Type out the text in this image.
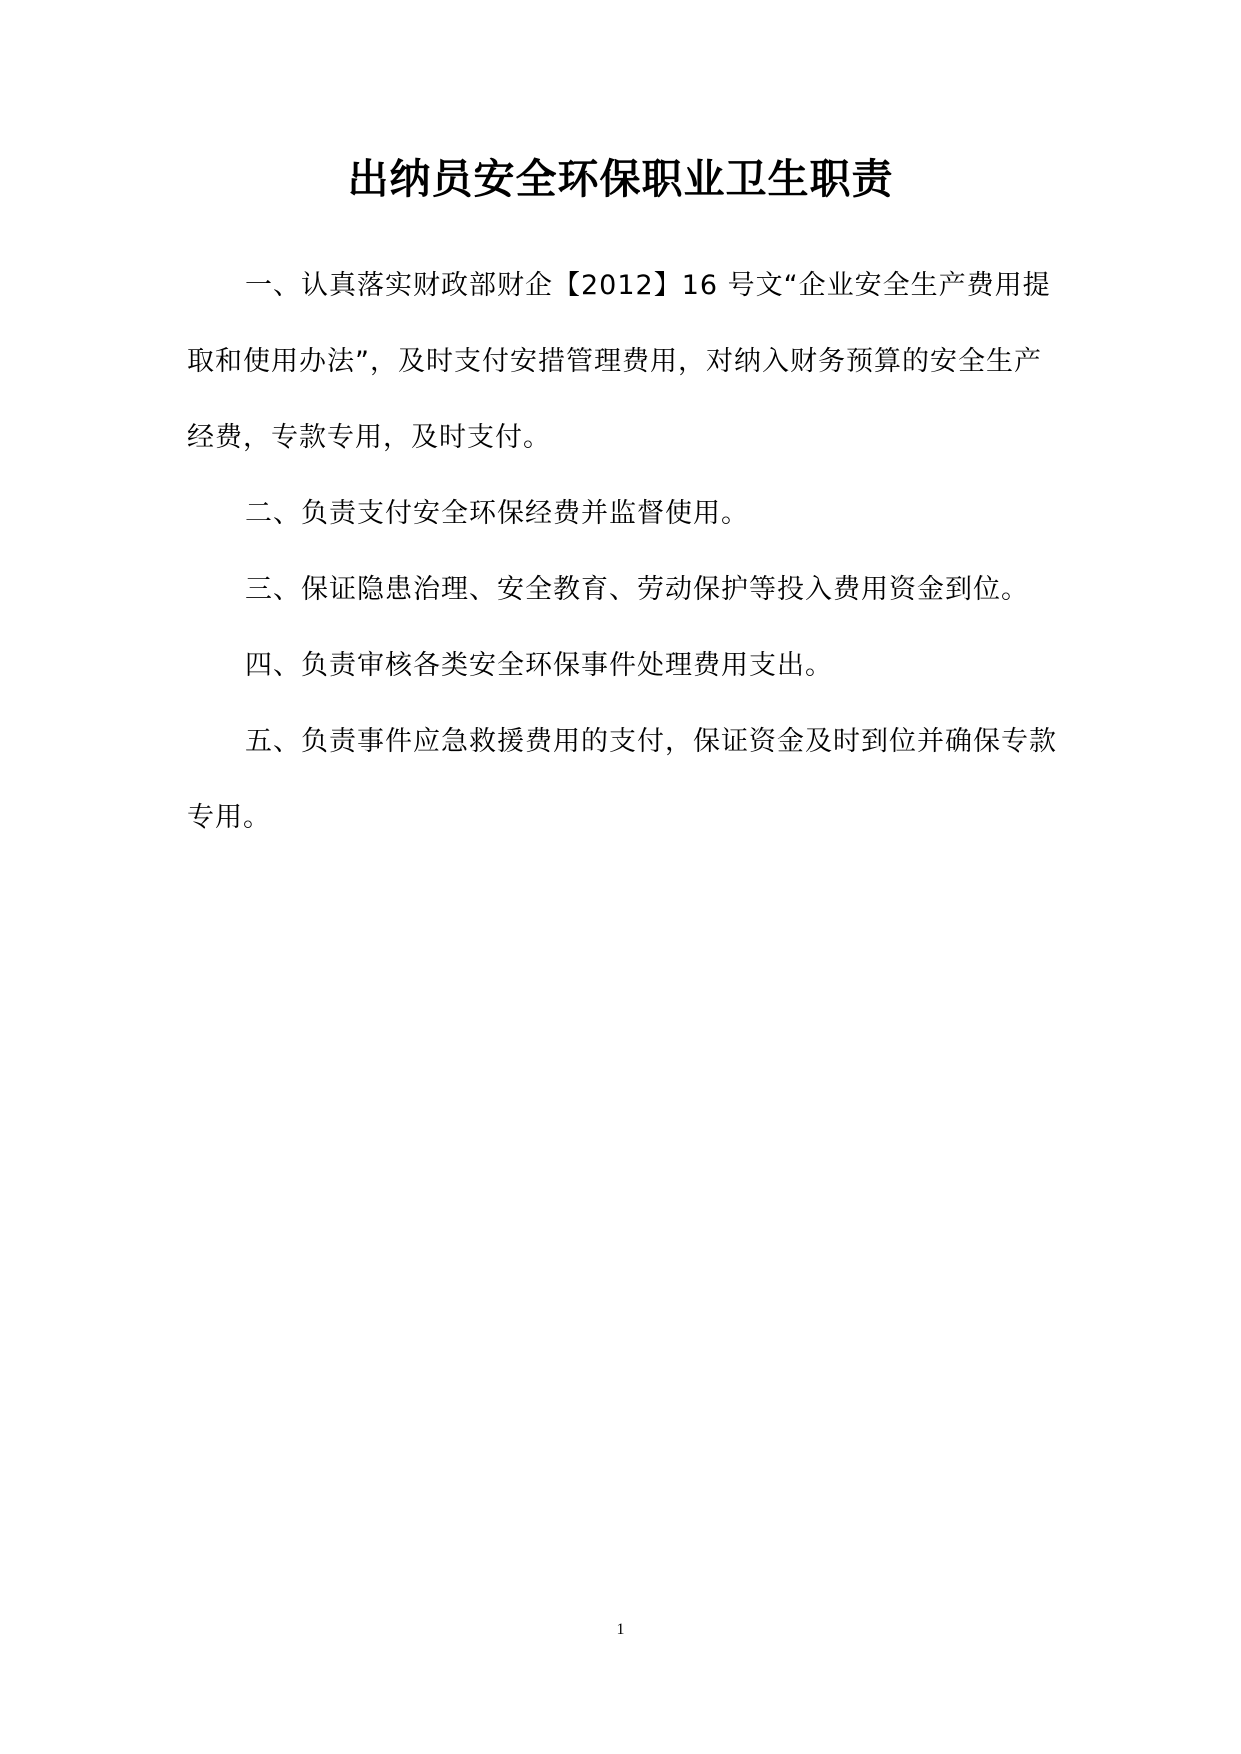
出纳员安全环保职业卫生职责

一、认真落实财政部财企【2012】16 号文“企业安全生产费用提取和使用办法”，及时支付安措管理费用，对纳入财务预算的安全生产经费，专款专用，及时支付。

二、负责支付安全环保经费并监督使用。

三、保证隐患治理、安全教育、劳动保护等投入费用资金到位。

四、负责审核各类安全环保事件处理费用支出。

五、负责事件应急救援费用的支付，保证资金及时到位并确保专款专用。

1
